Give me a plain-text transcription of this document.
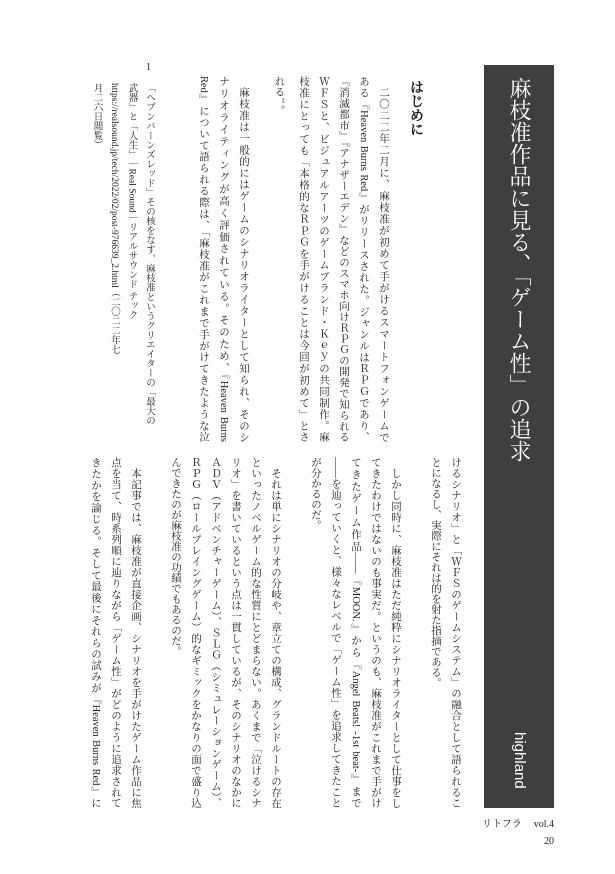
麻枝准作品に見る、「ゲーム性」の追求
highland
はじめに
二〇二二年二月に、麻枝准が初めて手がけるスマートフォンゲームで
ある『Heaven Burns Red』がリリースされた。ジャンルはＲＰＧであり、
『消滅都市』『アナザーエデン』などのスマホ向けＲＰＧの開発で知られる
ＷＦＳと、ビジュアルアーツのゲームブランド・Ｋｅｙの共同制作。麻
枝准にとっても「本格的なＲＰＧを手がけることは今回が初めて」とさ
れる$^1$。
麻枝准は一般的にはゲームのシナリオライターとして知られ、そのシ
ナリオライティングが高く評価されている。そのため、『Heaven Burns
Red』について語られる際は、「麻枝准がこれまで手がけてきたような泣
1
「ヘブンバーンズレッド」その核をなす、麻枝准というクリエイターの「最大の
武器」と「人生」｜Real Sound｜リアルサウンド テック
https://realsound.jp/tech/2022/02/post-976639_2.html（二〇二二年七
月二六日閲覧）
けるシナリオ」と「ＷＦＳのゲームシステム」の融合として語られるこ
とになるし、実際にそれは的を射た指摘である。
しかし同時に、麻枝准はただ純粋にシナリオライターとして仕事をし
てきたわけではないのも事実だ。というのも、麻枝准がこれまで手がけ
てきたゲーム作品——『MOON.』から『Angel Beats! -1st beat-』まで
——を辿っていくと、様々なレベルで「ゲーム性」を追求してきたこと
が分かるのだ。
それは単にシナリオの分岐や、章立ての構成、グランドルートの存在
といったノベルゲーム的な性質にとどまらない。あくまで「泣けるシナ
リオ」を書いているという点は一貫しているが、そのシナリオのなかに
ＡＤＶ（アドベンチャーゲーム）、ＳＬＧ（シミュレーションゲーム）、
ＲＰＧ（ロールプレイングゲーム）的なギミックをかなりの面で盛り込
んできたのが麻枝准の功績でもあるのだ。
本記事では、麻枝准が直接企画、シナリオを手がけたゲーム作品に焦
点を当て、時系列順に辿りながら「ゲーム性」がどのように追求されて
きたかを論じる。そして最後にそれらの試みが『Heaven Burns Red』に
リトフラ vol.4
20
